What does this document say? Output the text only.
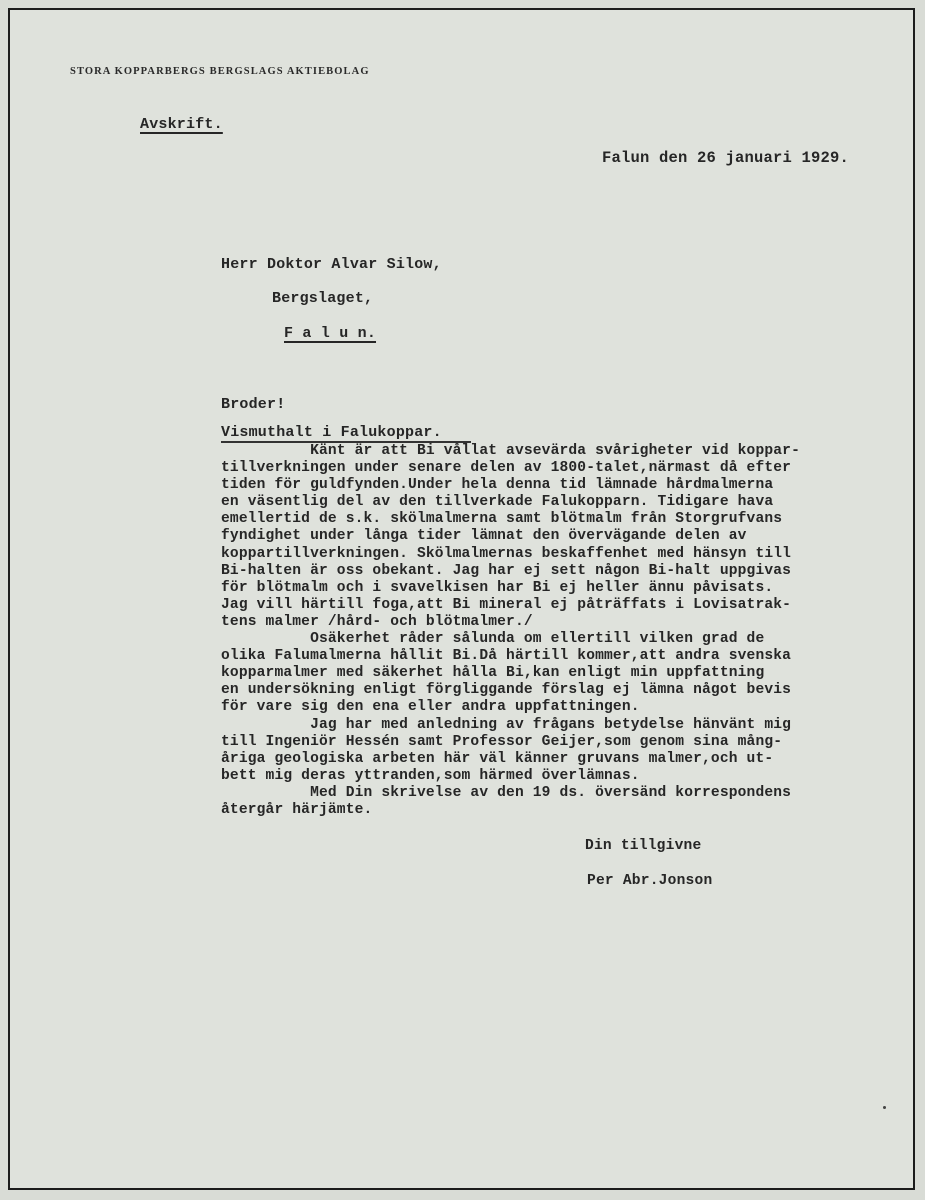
STORA KOPPARBERGS BERGSLAGS AKTIEBOLAG
Avskrift.
Falun den 26 januari 1929.
Herr Doktor Alvar Silow,
Bergslaget,
F a l u n.
Broder!
Vismuthalt i Falukoppar.
Känt är att Bi vållat avsevärda svårigheter vid koppar-
tillverkningen under senare delen av 1800-talet,närmast då efter
tiden för guldfynden.Under hela denna tid lämnade hårdmalmerna
en väsentlig del av den tillverkade Falukopparn. Tidigare hava
emellertid de s.k. skölmalmerna samt blötmalm från Storgrufvans
fyndighet under långa tider lämnat den övervägande delen av
koppartillverkningen. Skölmalmernas beskaffenhet med hänsyn till
Bi-halten är oss obekant. Jag har ej sett någon Bi-halt uppgivas
för blötmalm och i svavelkisen har Bi ej heller ännu påvisats.
Jag vill härtill foga,att Bi mineral ej påträffats i Lovisatrak-
tens malmer /hård- och blötmalmer./
Osäkerhet råder sålunda om ellertill vilken grad de
olika Falumalmerna hållit Bi.Då härtill kommer,att andra svenska
kopparmalmer med säkerhet hålla Bi,kan enligt min uppfattning
en undersökning enligt förgliggande förslag ej lämna något bevis
för vare sig den ena eller andra uppfattningen.
Jag har med anledning av frågans betydelse hänvänt mig
till Ingeniör Hessén samt Professor Geijer,som genom sina mång-
åriga geologiska arbeten här väl känner gruvans malmer,och ut-
bett mig deras yttranden,som härmed överlämnas.
Med Din skrivelse av den 19 ds. översänd korrespondens
återgår härjämte.
Din tillgivne
Per Abr.Jonson
